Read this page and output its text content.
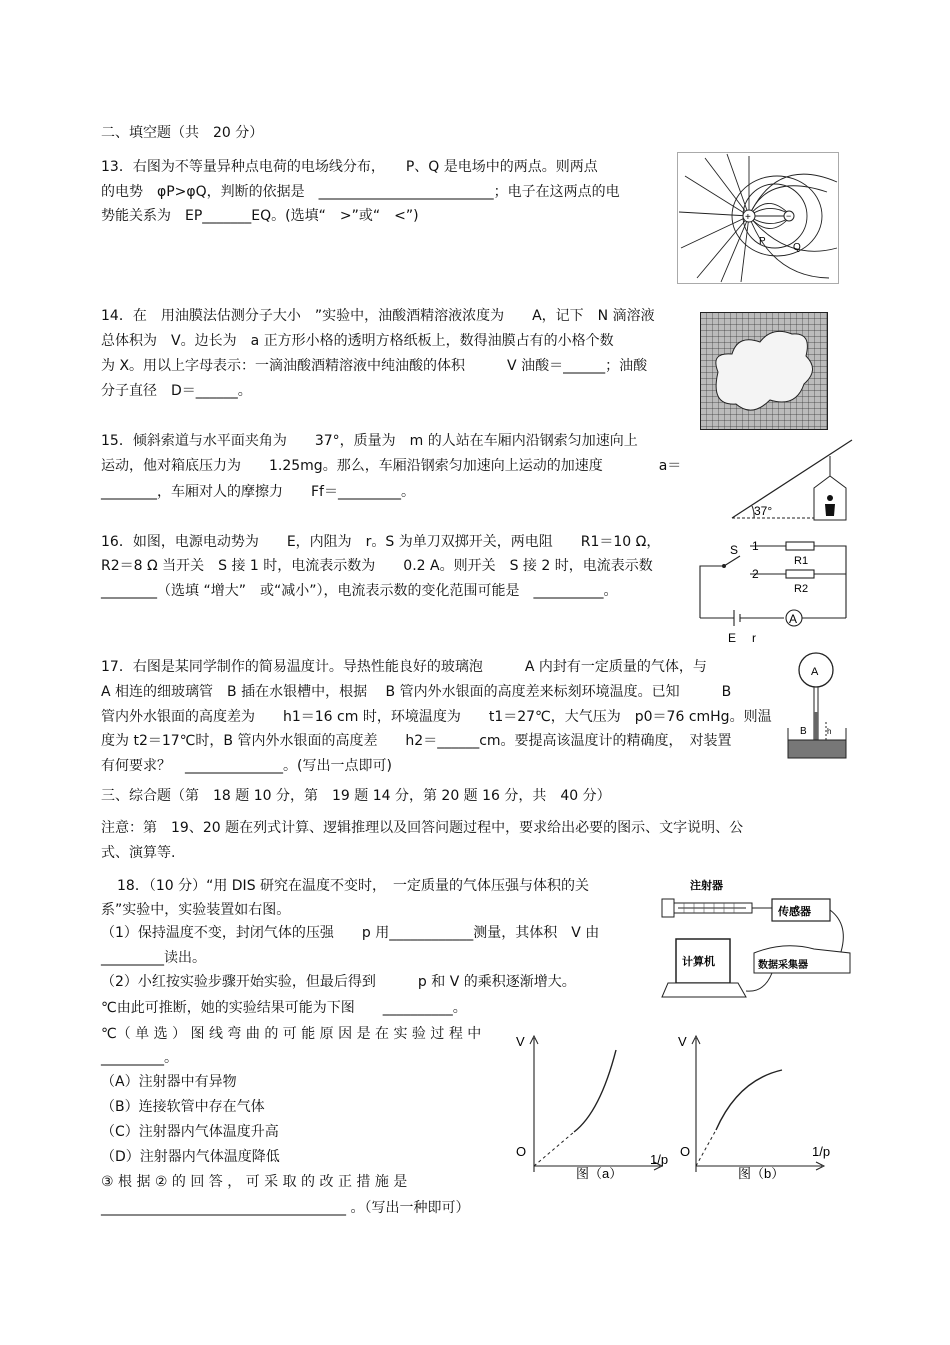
二、填空题（共　20 分）
13．右图为不等量异种点电荷的电场线分布，　　P、Q 是电场中的两点。则两点
的电势　φP>φQ，判断的依据是　_________________________；电子在这两点的电
势能关系为　EP_______EQ。(选填“　>”或“　<”)	+	−
P
Q
14．在　用油膜法估测分子大小　”实验中，油酸酒精溶液浓度为　　A，记下　N 滴溶液
总体积为　V。边长为　a 正方形小格的透明方格纸板上，数得油膜占有的小格个数
为 X。用以上字母表示：一滴油酸酒精溶液中纯油酸的体积　　　V 油酸＝______；油酸
分子直径　D＝______。
15．倾斜索道与水平面夹角为　　37°，质量为　m 的人站在车厢内沿钢索匀加速向上
运动，他对箱底压力为　　1.25mg。那么，车厢沿钢索匀加速向上运动的加速度　　　　a＝
________，车厢对人的摩擦力　　Ff＝_________。
37°
16．如图，电源电动势为　　E，内阻为　r。S 为单刀双掷开关，两电阻　　R1＝10 Ω，
R2＝8 Ω 当开关　S 接 1 时，电流表示数为　　0.2 A。则开关　S 接 2 时，电流表示数
________（选填 “增大”　或“减小”），电流表示数的变化范围可能是　__________。
S 1
2
R1
R2
A
E r
17．右图是某同学制作的简易温度计。导热性能良好的玻璃泡　　　A 内封有一定质量的气体，与
A 相连的细玻璃管　B 插在水银槽中，根据　 B 管内外水银面的高度差来标刻环境温度。已知　　　B
管内外水银面的高度差为　　h1＝16 cm 时，环境温度为　　t1＝27℃，大气压为　p0＝76 cmHg。则温
度为 t2＝17℃时，B 管内外水银面的高度差　　h2＝______cm。要提高该温度计的精确度，　对装置
有何要求？　______________。(写出一点即可)
A
B	h
三、综合题（第　18 题 10 分，第　19 题 14 分，第 20 题 16 分，共　40 分）
注意：第　19、20 题在列式计算、逻辑推理以及回答问题过程中，要求给出必要的图示、文字说明、公
式、演算等.
18．（10 分）“用 DIS 研究在温度不变时，　一定质量的气体压强与体积的关
系”实验中，实验装置如右图。
（1）保持温度不变，封闭气体的压强　　p 用____________测量，其体积　V 由
_________读出。
（2）小红按实验步骤开始实验，但最后得到　　　p 和 V 的乘积逐渐增大。
℃由此可推断，她的实验结果可能为下图　　__________。
℃（ 单 选 ） 图 线 弯 曲 的 可 能 原 因 是 在 实 验 过 程 中
_________。
（A）注射器中有异物
（B）连接软管中存在气体
（C）注射器内气体温度升高
（D）注射器内气体温度降低
③ 根 据 ② 的 回 答 ， 可 采 取 的 改 正 措 施 是
___________________________________ 。（写出一种即可）
注射器
传感器
计算机	数据采集器
V
O
1/p
图（a）
V
O	1/p
图（b）
